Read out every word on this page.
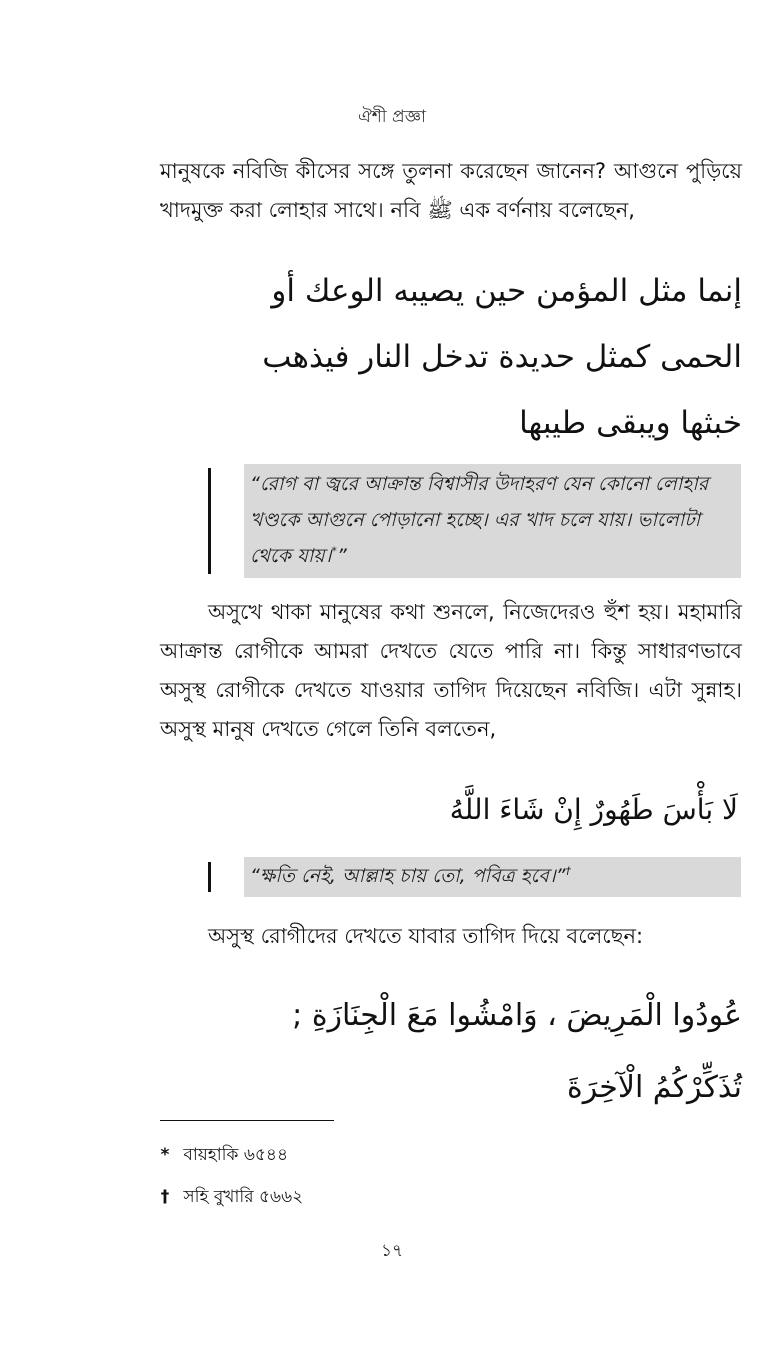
ঐশী প্রজ্ঞা
মানুষকে নবিজি কীসের সঙ্গে তুলনা করেছেন জানেন? আগুনে পুড়িয়ে খাদমুক্ত করা লোহার সাথে। নবি ﷺ এক বর্ণনায় বলেছেন,
إنما مثل المؤمن حين يصيبه الوعك أو الحمى كمثل حديدة تدخل النار فيذهب خبثها ويبقى طيبها
“রোগ বা জ্বরে আক্রান্ত বিশ্বাসীর উদাহরণ যেন কোনো লোহার খণ্ডকে আগুনে পোড়ানো হচ্ছে। এর খাদ চলে যায়। ভালোটা থেকে যায়।*”
অসুখে থাকা মানুষের কথা শুনলে, নিজেদেরও হুঁশ হয়। মহামারি আক্রান্ত রোগীকে আমরা দেখতে যেতে পারি না। কিন্তু সাধারণভাবে অসুস্থ রোগীকে দেখতে যাওয়ার তাগিদ দিয়েছেন নবিজি। এটা সুন্নাহ। অসুস্থ মানুষ দেখতে গেলে তিনি বলতেন,
لَا بَأْسَ طَهُورٌ إِنْ شَاءَ اللَّهُ
“ক্ষতি নেই, আল্লাহ চায় তো, পবিত্র হবে।”†
অসুস্থ রোগীদের দেখতে যাবার তাগিদ দিয়ে বলেছেন:
عُودُوا الْمَرِيضَ ، وَامْشُوا مَعَ الْجِنَازَةِ ; تُذَكِّرْكُمُ الْآخِرَةَ
* বায়হাকি ৬৫৪৪
† সহি বুখারি ৫৬৬২
১৭
